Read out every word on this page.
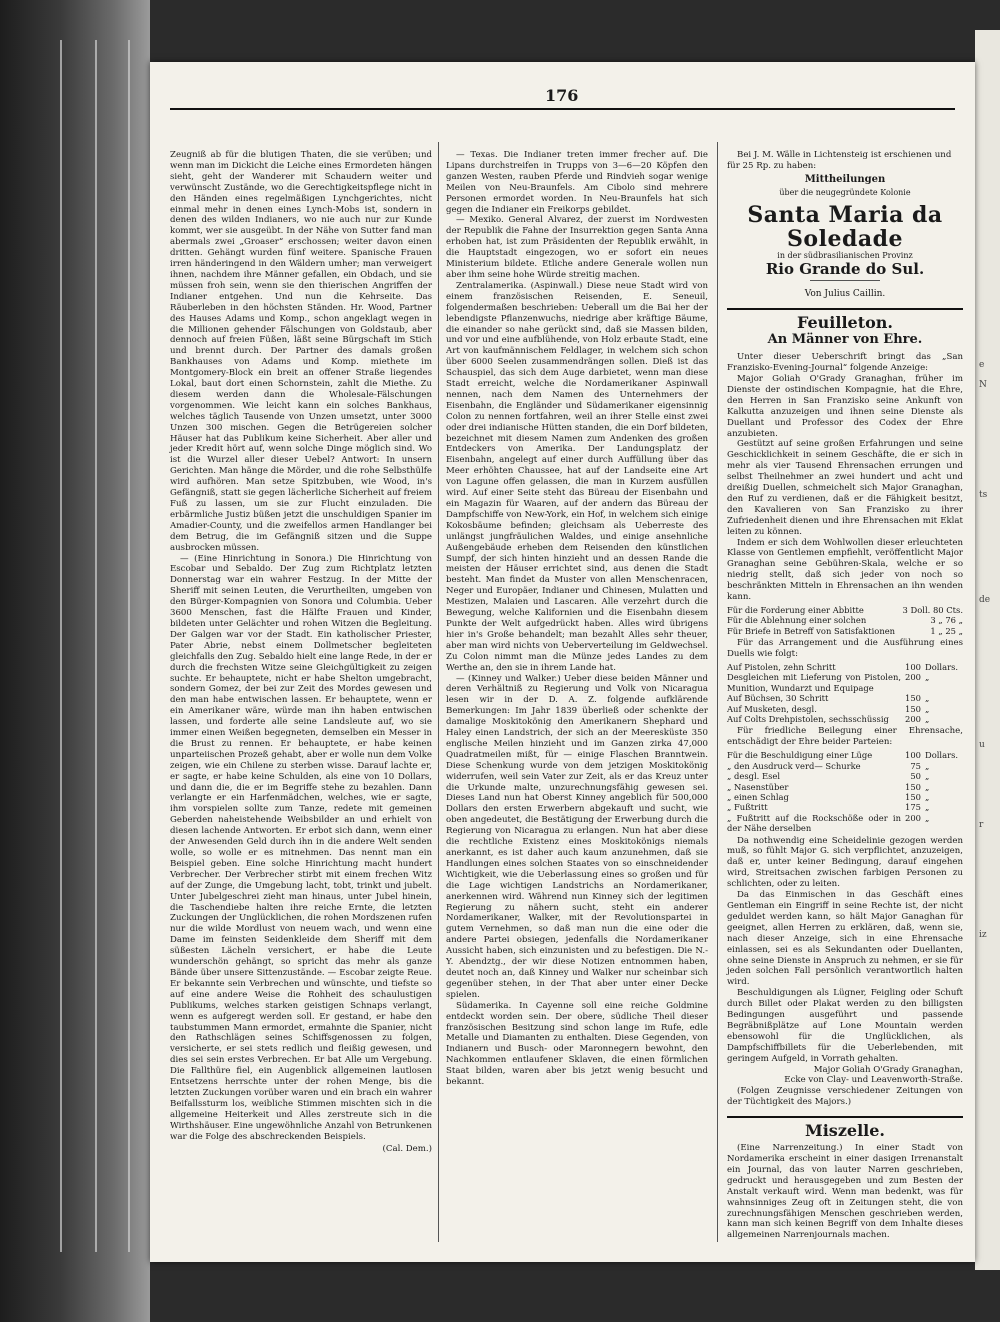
e
N
ts
de
u
r
iz
176

Zeugniß ab für die blutigen Thaten, die sie verüben; und wenn man im Dickicht die Leiche eines Ermordeten hängen sieht, geht der Wanderer mit Schaudern weiter und verwünscht Zustände, wo die Gerechtigkeitspflege nicht in den Händen eines regelmäßigen Lynchgerichtes, nicht einmal mehr in denen eines Lynch-Mobs ist, sondern in denen des wilden Indianers, wo nie auch nur zur Kunde kommt, wer sie ausgeübt. In der Nähe von Sutter fand man abermals zwei „Groaser“ erschossen; weiter davon einen dritten. Gehängt wurden fünf weitere. Spanische Frauen irren händeringend in den Wäldern umher; man verweigert ihnen, nachdem ihre Männer gefallen, ein Obdach, und sie müssen froh sein, wenn sie den thierischen Angriffen der Indianer entgehen. Und nun die Kehrseite. Das Räuberleben in den höchsten Ständen. Hr. Wood, Partner des Hauses Adams und Komp., schon angeklagt wegen in die Millionen gehender Fälschungen von Goldstaub, aber dennoch auf freien Füßen, läßt seine Bürgschaft im Stich und brennt durch. Der Partner des damals großen Bankhauses von Adams und Komp. miethete im Montgomery-Block ein breit an offener Straße liegendes Lokal, baut dort einen Schornstein, zahlt die Miethe. Zu diesem werden dann die Wholesale-Fälschungen vorgenommen. Wie leicht kann ein solches Bankhaus, welches täglich Tausende von Unzen umsetzt, unter 3000 Unzen 300 mischen. Gegen die Betrügereien solcher Häuser hat das Publikum keine Sicherheit. Aber aller und jeder Kredit hört auf, wenn solche Dinge möglich sind. Wo ist die Wurzel aller dieser Uebel? Antwort: In unsern Gerichten. Man hänge die Mörder, und die rohe Selbsthülfe wird aufhören. Man setze Spitzbuben, wie Wood, in's Gefängniß, statt sie gegen lächerliche Sicherheit auf freiem Fuß zu lassen, um sie zur Flucht einzuladen. Die erbärmliche Justiz büßen jetzt die unschuldigen Spanier im Amadier-County, und die zweifellos armen Handlanger bei dem Betrug, die im Gefängniß sitzen und die Suppe ausbrocken müssen.

— (Eine Hinrichtung in Sonora.) Die Hinrichtung von Escobar und Sebaldo. Der Zug zum Richtplatz letzten Donnerstag war ein wahrer Festzug. In der Mitte der Sheriff mit seinen Leuten, die Verurtheilten, umgeben von den Bürger-Kompagnien von Sonora und Columbia. Ueber 3600 Menschen, fast die Hälfte Frauen und Kinder, bildeten unter Gelächter und rohen Witzen die Begleitung. Der Galgen war vor der Stadt. Ein katholischer Priester, Pater Abrie, nebst einem Dollmetscher begleiteten gleichfalls den Zug. Sebaldo hielt eine lange Rede, in der er durch die frechsten Witze seine Gleichgültigkeit zu zeigen suchte. Er behauptete, nicht er habe Shelton umgebracht, sondern Gomez, der bei zur Zeit des Mordes gewesen und den man habe entwischen lassen. Er behauptete, wenn er ein Amerikaner wäre, würde man ihn haben entwischen lassen, und forderte alle seine Landsleute auf, wo sie immer einen Weißen begegneten, demselben ein Messer in die Brust zu rennen. Er behauptete, er habe keinen unparteiischen Prozeß gehabt, aber er wolle nun dem Volke zeigen, wie ein Chilene zu sterben wisse. Darauf lachte er, er sagte, er habe keine Schulden, als eine von 10 Dollars, und dann die, die er im Begriffe stehe zu bezahlen. Dann verlangte er ein Harfenmädchen, welches, wie er sagte, ihm vorspielen sollte zum Tanze, redete mit gemeinen Geberden naheistehende Weibsbilder an und erhielt von diesen lachende Antworten. Er erbot sich dann, wenn einer der Anwesenden Geld durch ihn in die andere Welt senden wolle, so wolle er es mitnehmen. Das nennt man ein Beispiel geben. Eine solche Hinrichtung macht hundert Verbrecher. Der Verbrecher stirbt mit einem frechen Witz auf der Zunge, die Umgebung lacht, tobt, trinkt und jubelt. Unter Jubelgeschrei zieht man hinaus, unter Jubel hinein, die Taschendiebe halten ihre reiche Ernte, die letzten Zuckungen der Unglücklichen, die rohen Mordszenen rufen nur die wilde Mordlust von neuem wach, und wenn eine Dame im feinsten Seidenkleide dem Sheriff mit dem süßesten Lächeln versichert, er habe die Leute wunderschön gehängt, so spricht das mehr als ganze Bände über unsere Sittenzustände. — Escobar zeigte Reue. Er bekannte sein Verbrechen und wünschte, und tiefste so auf eine andere Weise die Rohheit des schaulustigen Publikums, welches starken geistigen Schnaps verlangt, wenn es aufgeregt werden soll. Er gestand, er habe den taubstummen Mann ermordet, ermahnte die Spanier, nicht den Rathschlägen seines Schiffsgenossen zu folgen, versicherte, er sei stets redlich und fleißig gewesen, und dies sei sein erstes Verbrechen. Er bat Alle um Vergebung. Die Fallthüre fiel, ein Augenblick allgemeinen lautlosen Entsetzens herrschte unter der rohen Menge, bis die letzten Zuckungen vorüber waren und ein brach ein wahrer Beifallssturm los, weibliche Stimmen mischten sich in die allgemeine Heiterkeit und Alles zerstreute sich in die Wirthshäuser. Eine ungewöhnliche Anzahl von Betrunkenen war die Folge des abschreckenden Beispiels.

(Cal. Dem.)

— Texas. Die Indianer treten immer frecher auf. Die Lipans durchstreifen in Trupps von 3—6—20 Köpfen den ganzen Westen, rauben Pferde und Rindvieh sogar wenige Meilen von Neu-Braunfels. Am Cibolo sind mehrere Personen ermordet worden. In Neu-Braunfels hat sich gegen die Indianer ein Freikorps gebildet.

— Mexiko. General Alvarez, der zuerst im Nordwesten der Republik die Fahne der Insurrektion gegen Santa Anna erhoben hat, ist zum Präsidenten der Republik erwählt, in die Hauptstadt eingezogen, wo er sofort ein neues Ministerium bildete. Etliche andere Generale wollen nun aber ihm seine hohe Würde streitig machen.

Zentralamerika. (Aspinwall.) Diese neue Stadt wird von einem französischen Reisenden, E. Seneuil, folgendermaßen beschrieben: Ueberall um die Bai her der lebendigste Pflanzenwuchs, niedrige aber kräftige Bäume, die einander so nahe gerückt sind, daß sie Massen bilden, und vor und eine aufblühende, von Holz erbaute Stadt, eine Art von kaufmännischem Feldlager, in welchem sich schon über 6000 Seelen zusammendrängen sollen. Dieß ist das Schauspiel, das sich dem Auge darbietet, wenn man diese Stadt erreicht, welche die Nordamerikaner Aspinwall nennen, nach dem Namen des Unternehmers der Eisenbahn, die Engländer und Südamerikaner eigensinnig Colon zu nennen fortfahren, weil an ihrer Stelle einst zwei oder drei indianische Hütten standen, die ein Dorf bildeten, bezeichnet mit diesem Namen zum Andenken des großen Entdeckers von Amerika. Der Landungsplatz der Eisenbahn, angelegt auf einer durch Auffüllung über das Meer erhöhten Chaussee, hat auf der Landseite eine Art von Lagune offen gelassen, die man in Kurzem ausfüllen wird. Auf einer Seite steht das Büreau der Eisenbahn und ein Magazin für Waaren, auf der andern das Büreau der Dampfschiffe von New-York, ein Hof, in welchem sich einige Kokosbäume befinden; gleichsam als Ueberreste des unlängst jungfräulichen Waldes, und einige ansehnliche Außengebäude erheben dem Reisenden den künstlichen Sumpf, der sich hinten hinzieht und an dessen Rande die meisten der Häuser errichtet sind, aus denen die Stadt besteht. Man findet da Muster von allen Menschenracen, Neger und Europäer, Indianer und Chinesen, Mulatten und Mestizen, Malaien und Lascaren. Alle verzehrt durch die Bewegung, welche Kalifornien und die Eisenbahn diesem Punkte der Welt aufgedrückt haben. Alles wird übrigens hier in's Große behandelt; man bezahlt Alles sehr theuer, aber man wird nichts von Ueberverteilung im Geldwechsel. Zu Colon nimmt man die Münze jedes Landes zu dem Werthe an, den sie in ihrem Lande hat.

— (Kinney und Walker.) Ueber diese beiden Männer und deren Verhältniß zu Regierung und Volk von Nicaragua lesen wir in der D. A. Z. folgende aufklärende Bemerkungen: Im Jahr 1839 überließ oder schenkte der damalige Moskitokönig den Amerikanern Shephard und Haley einen Landstrich, der sich an der Meeresküste 350 englische Meilen hinzieht und im Ganzen zirka 47,000 Quadratmeilen mißt, für — einige Flaschen Branntwein. Diese Schenkung wurde von dem jetzigen Moskitokönig widerrufen, weil sein Vater zur Zeit, als er das Kreuz unter die Urkunde malte, unzurechnungsfähig gewesen sei. Dieses Land nun hat Oberst Kinney angeblich für 500,000 Dollars den ersten Erwerbern abgekauft und sucht, wie oben angedeutet, die Bestätigung der Erwerbung durch die Regierung von Nicaragua zu erlangen. Nun hat aber diese die rechtliche Existenz eines Moskitokönigs niemals anerkannt, es ist daher auch kaum anzunehmen, daß sie Handlungen eines solchen Staates von so einschneidender Wichtigkeit, wie die Ueberlassung eines so großen und für die Lage wichtigen Landstrichs an Nordamerikaner, anerkennen wird. Während nun Kinney sich der legitimen Regierung zu nähern sucht, steht ein anderer Nordamerikaner, Walker, mit der Revolutionspartei in gutem Vernehmen, so daß man nun die eine oder die andere Partei obsiegen, jedenfalls die Nordamerikaner Aussicht haben, sich einzunisten und zu befestigen. Die N.-Y. Abendztg., der wir diese Notizen entnommen haben, deutet noch an, daß Kinney und Walker nur scheinbar sich gegenüber stehen, in der That aber unter einer Decke spielen.

Südamerika. In Cayenne soll eine reiche Goldmine entdeckt worden sein. Der obere, südliche Theil dieser französischen Besitzung sind schon lange im Rufe, edle Metalle und Diamanten zu enthalten. Diese Gegenden, von Indianern und Busch- oder Maronnegern bewohnt, den Nachkommen entlaufener Sklaven, die einen förmlichen Staat bilden, waren aber bis jetzt wenig besucht und bekannt.

Bei J. M. Wälle in Lichtensteig ist erschienen und für 25 Rp. zu haben:

Mittheilungen
über die neugegründete Kolonie
Santa Maria da Soledade
in der südbrasilianischen Provinz
Rio Grande do Sul.
Von Julius Caillin.
Feuilleton.
An Männer von Ehre.

Unter dieser Ueberschrift bringt das „San Franzisko-Evening-Journal“ folgende Anzeige:

Major Goliah O'Grady Granaghan, früher im Dienste der ostindischen Kompagnie, hat die Ehre, den Herren in San Franzisko seine Ankunft von Kalkutta anzuzeigen und ihnen seine Dienste als Duellant und Professor des Codex der Ehre anzubieten.

Gestützt auf seine großen Erfahrungen und seine Geschicklichkeit in seinem Geschäfte, die er sich in mehr als vier Tausend Ehrensachen errungen und selbst Theilnehmer an zwei hundert und acht und dreißig Duellen, schmeichelt sich Major Granaghan, den Ruf zu verdienen, daß er die Fähigkeit besitzt, den Kavalieren von San Franzisko zu ihrer Zufriedenheit dienen und ihre Ehrensachen mit Eklat leiten zu können.

Indem er sich dem Wohlwollen dieser erleuchteten Klasse von Gentlemen empfiehlt, veröffentlicht Major Granaghan seine Gebühren-Skala, welche er so niedrig stellt, daß sich jeder von noch so beschränkten Mitteln in Ehrensachen an ihn wenden kann.

Für die Forderung einer Abbitte	3 Doll. 80 Cts.
Für die Ablehnung einer solchen	3 „ 76 „
Für Briefe in Betreff von Satisfaktionen	1 „ 25 „

Für das Arrangement und die Ausführung eines Duells wie folgt:

Auf Pistolen, zehn Schritt	100	Dollars.
Desgleichen mit Lieferung von Pistolen, Munition, Wundarzt und Equipage	200	„
Auf Büchsen, 30 Schritt	150	„
Auf Musketen, desgl.	150	„
Auf Colts Drehpistolen, sechsschüssig	200	„

Für friedliche Beilegung einer Ehrensache, entschädigt der Ehre beider Parteien:

Für die Beschuldigung einer Lüge	100	Dollars.
„ den Ausdruck verd— Schurke	75	„
„ desgl. Esel	50	„
„ Nasenstüber	150	„
„ einen Schlag	150	„
„ Fußtritt	175	„
„ Fußtritt auf die Rockschöße oder in der Nähe derselben	200	„

Da nothwendig eine Scheidelinie gezogen werden muß, so fühlt Major G. sich verpflichtet, anzuzeigen, daß er, unter keiner Bedingung, darauf eingehen wird, Streitsachen zwischen farbigen Personen zu schlichten, oder zu leiten.

Da das Einmischen in das Geschäft eines Gentleman ein Eingriff in seine Rechte ist, der nicht geduldet werden kann, so hält Major Ganaghan für geeignet, allen Herren zu erklären, daß, wenn sie, nach dieser Anzeige, sich in eine Ehrensache einlassen, sei es als Sekundanten oder Duellanten, ohne seine Dienste in Anspruch zu nehmen, er sie für jeden solchen Fall persönlich verantwortlich halten wird.

Beschuldigungen als Lügner, Feigling oder Schuft durch Billet oder Plakat werden zu den billigsten Bedingungen ausgeführt und passende Begräbnißplätze auf Lone Mountain werden ebensowohl für die Unglücklichen, als Dampfschiffbillets für die Ueberlebenden, mit geringem Aufgeld, in Vorrath gehalten.

Major Goliah O'Grady Granaghan,
Ecke von Clay- und Leavenworth-Straße.

(Folgen Zeugnisse verschiedener Zeitungen von der Tüchtigkeit des Majors.)

Miszelle.

(Eine Narrenzeitung.) In einer Stadt von Nordamerika erscheint in einer dasigen Irrenanstalt ein Journal, das von lauter Narren geschrieben, gedruckt und herausgegeben und zum Besten der Anstalt verkauft wird. Wenn man bedenkt, was für wahnsinniges Zeug oft in Zeitungen steht, die von zurechnungsfähigen Menschen geschrieben werden, kann man sich keinen Begriff von dem Inhalte dieses allgemeinen Narrenjournals machen.
